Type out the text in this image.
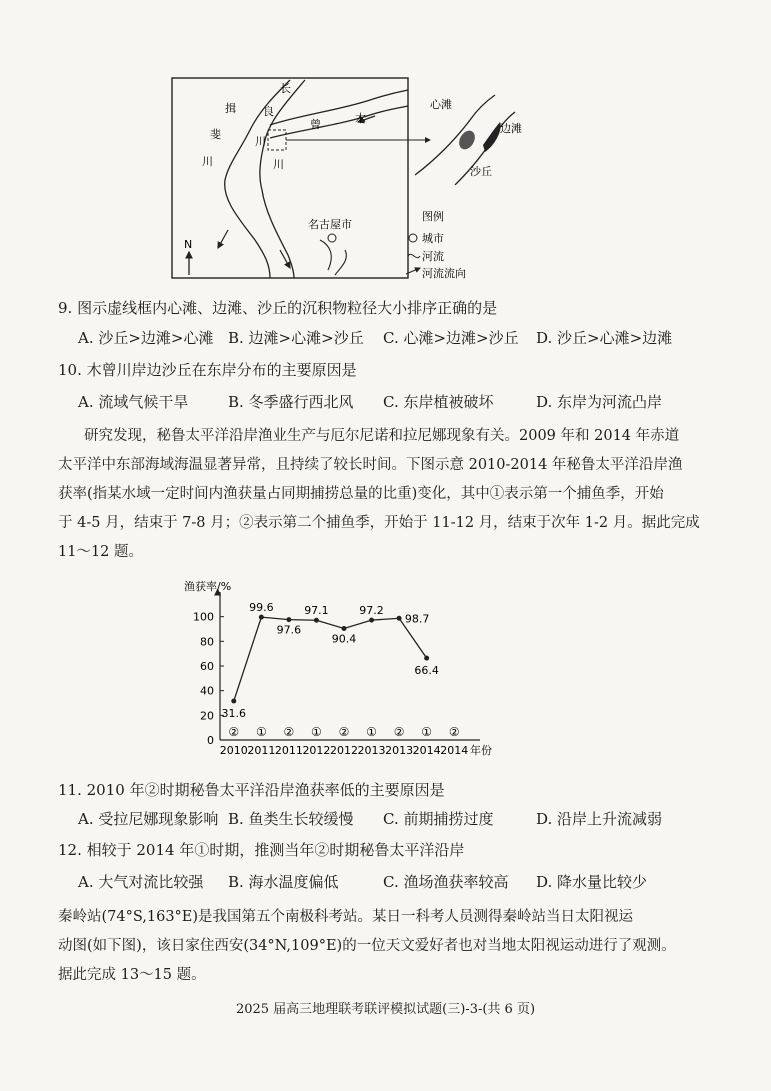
长
良
川
揖
斐
川
曾	木
川
名古屋市
N
图例
城市
河流
河流流向
心滩
边滩
沙丘
9. 图示虚线框内心滩、边滩、沙丘的沉积物粒径大小排序正确的是
A. 沙丘>边滩>心滩 B. 边滩>心滩>沙丘 C. 心滩>边滩>沙丘 D. 沙丘>心滩>边滩
10. 木曾川岸边沙丘在东岸分布的主要原因是
A. 流域气候干旱	B. 冬季盛行西北风 C. 东岸植被破坏	D. 东岸为河流凸岸

研究发现，秘鲁太平洋沿岸渔业生产与厄尔尼诺和拉尼娜现象有关。2009 年和 2014 年赤道

太平洋中东部海域海温显著异常，且持续了较长时间。下图示意 2010-2014 年秘鲁太平洋沿岸渔

获率(指某水域一定时间内渔获量占同期捕捞总量的比重)变化，其中①表示第一个捕鱼季，开始

于 4-5 月，结束于 7-8 月；②表示第二个捕鱼季，开始于 11-12 月，结束于次年 1-2 月。据此完成

11～12 题。

渔获率/%
0
20
40
60
80
100
2010 2011 2011 2012 2012 2013 2013 2014 2014 年份
② ① ② ① ② ① ② ① ②
31.6
99.6
97.6
97.1
90.4
97.2
98.7
66.4
11. 2010 年②时期秘鲁太平洋沿岸渔获率低的主要原因是
A. 受拉尼娜现象影响 B. 鱼类生长较缓慢 C. 前期捕捞过度	D. 沿岸上升流减弱
12. 相较于 2014 年①时期，推测当年②时期秘鲁太平洋沿岸
A. 大气对流比较强 B. 海水温度偏低	C. 渔场渔获率较高 D. 降水量比较少

秦岭站(74°S,163°E)是我国第五个南极科考站。某日一科考人员测得秦岭站当日太阳视运

动图(如下图)，该日家住西安(34°N,109°E)的一位天文爱好者也对当地太阳视运动进行了观测。

据此完成 13～15 题。

2025 届高三地理联考联评模拟试题(三)-3-(共 6 页)
